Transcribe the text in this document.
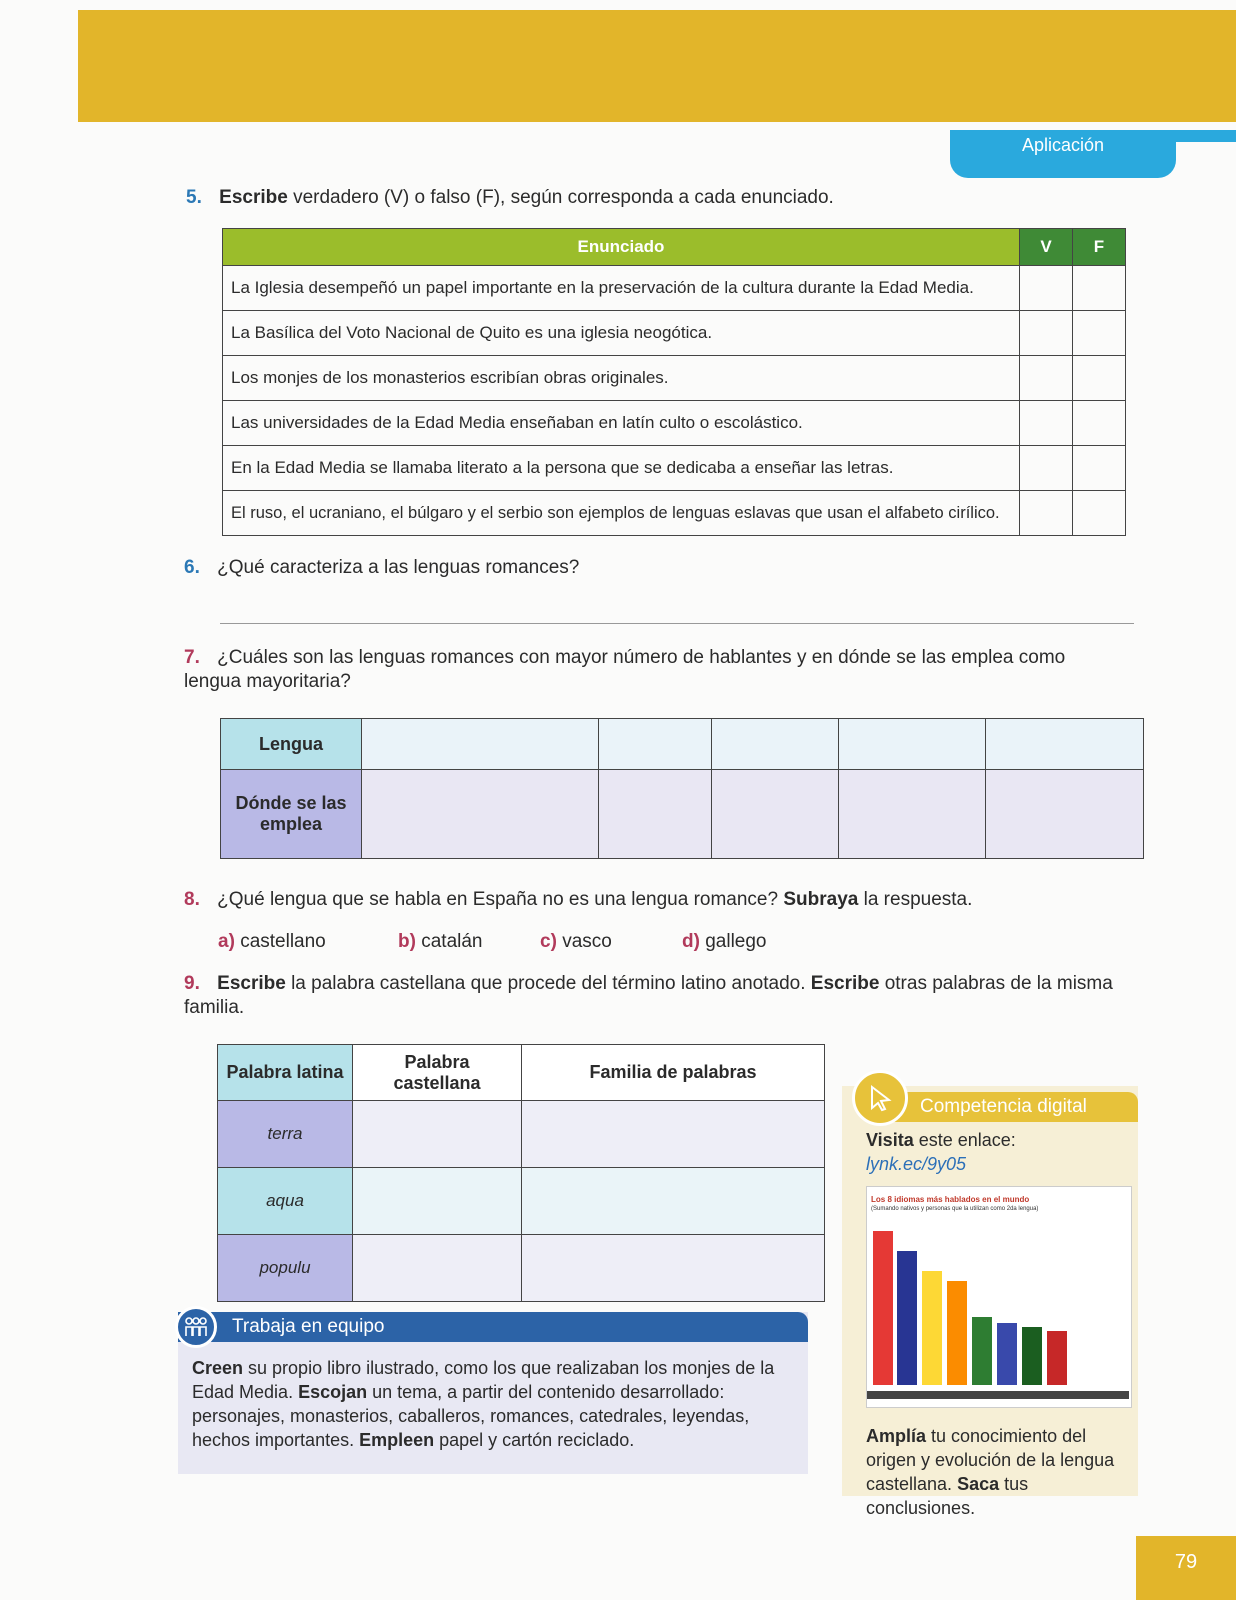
Aplicación
5. Escribe verdadero (V) o falso (F), según corresponda a cada enunciado.
Enunciado	V	F
La Iglesia desempeñó un papel importante en la preservación de la cultura durante la Edad Media.		
La Basílica del Voto Nacional de Quito es una iglesia neogótica.		
Los monjes de los monasterios escribían obras originales.		
Las universidades de la Edad Media enseñaban en latín culto o escolástico.		
En la Edad Media se llamaba literato a la persona que se dedicaba a enseñar las letras.		
El ruso, el ucraniano, el búlgaro y el serbio son ejemplos de lenguas eslavas que usan el alfabeto cirílico.		
6. ¿Qué caracteriza a las lenguas romances?
7. ¿Cuáles son las lenguas romances con mayor número de hablantes y en dónde se las emplea como lengua mayoritaria?
Lengua					
Dónde se las emplea					
8. ¿Qué lengua que se habla en España no es una lengua romance? Subraya la respuesta.
a) castellano	b) catalán	c) vasco	d) gallego
9. Escribe la palabra castellana que procede del término latino anotado. Escribe otras palabras de la misma familia.
Palabra latina	Palabra castellana	Familia de palabras
terra		
aqua		
populu		
Trabaja en equipo
Creen su propio libro ilustrado, como los que realizaban los monjes de la Edad Media. Escojan un tema, a partir del contenido desarrollado: personajes, monasterios, caballeros, romances, catedrales, leyendas, hechos importantes. Empleen papel y cartón reciclado.
Competencia digital
Visita este enlace:
lynk.ec/9y05
Los 8 idiomas más hablados en el mundo
(Sumando nativos y personas que la utilizan como 2da lengua)
Amplía tu conocimiento del origen y evolución de la lengua castellana. Saca tus conclusiones.
79
